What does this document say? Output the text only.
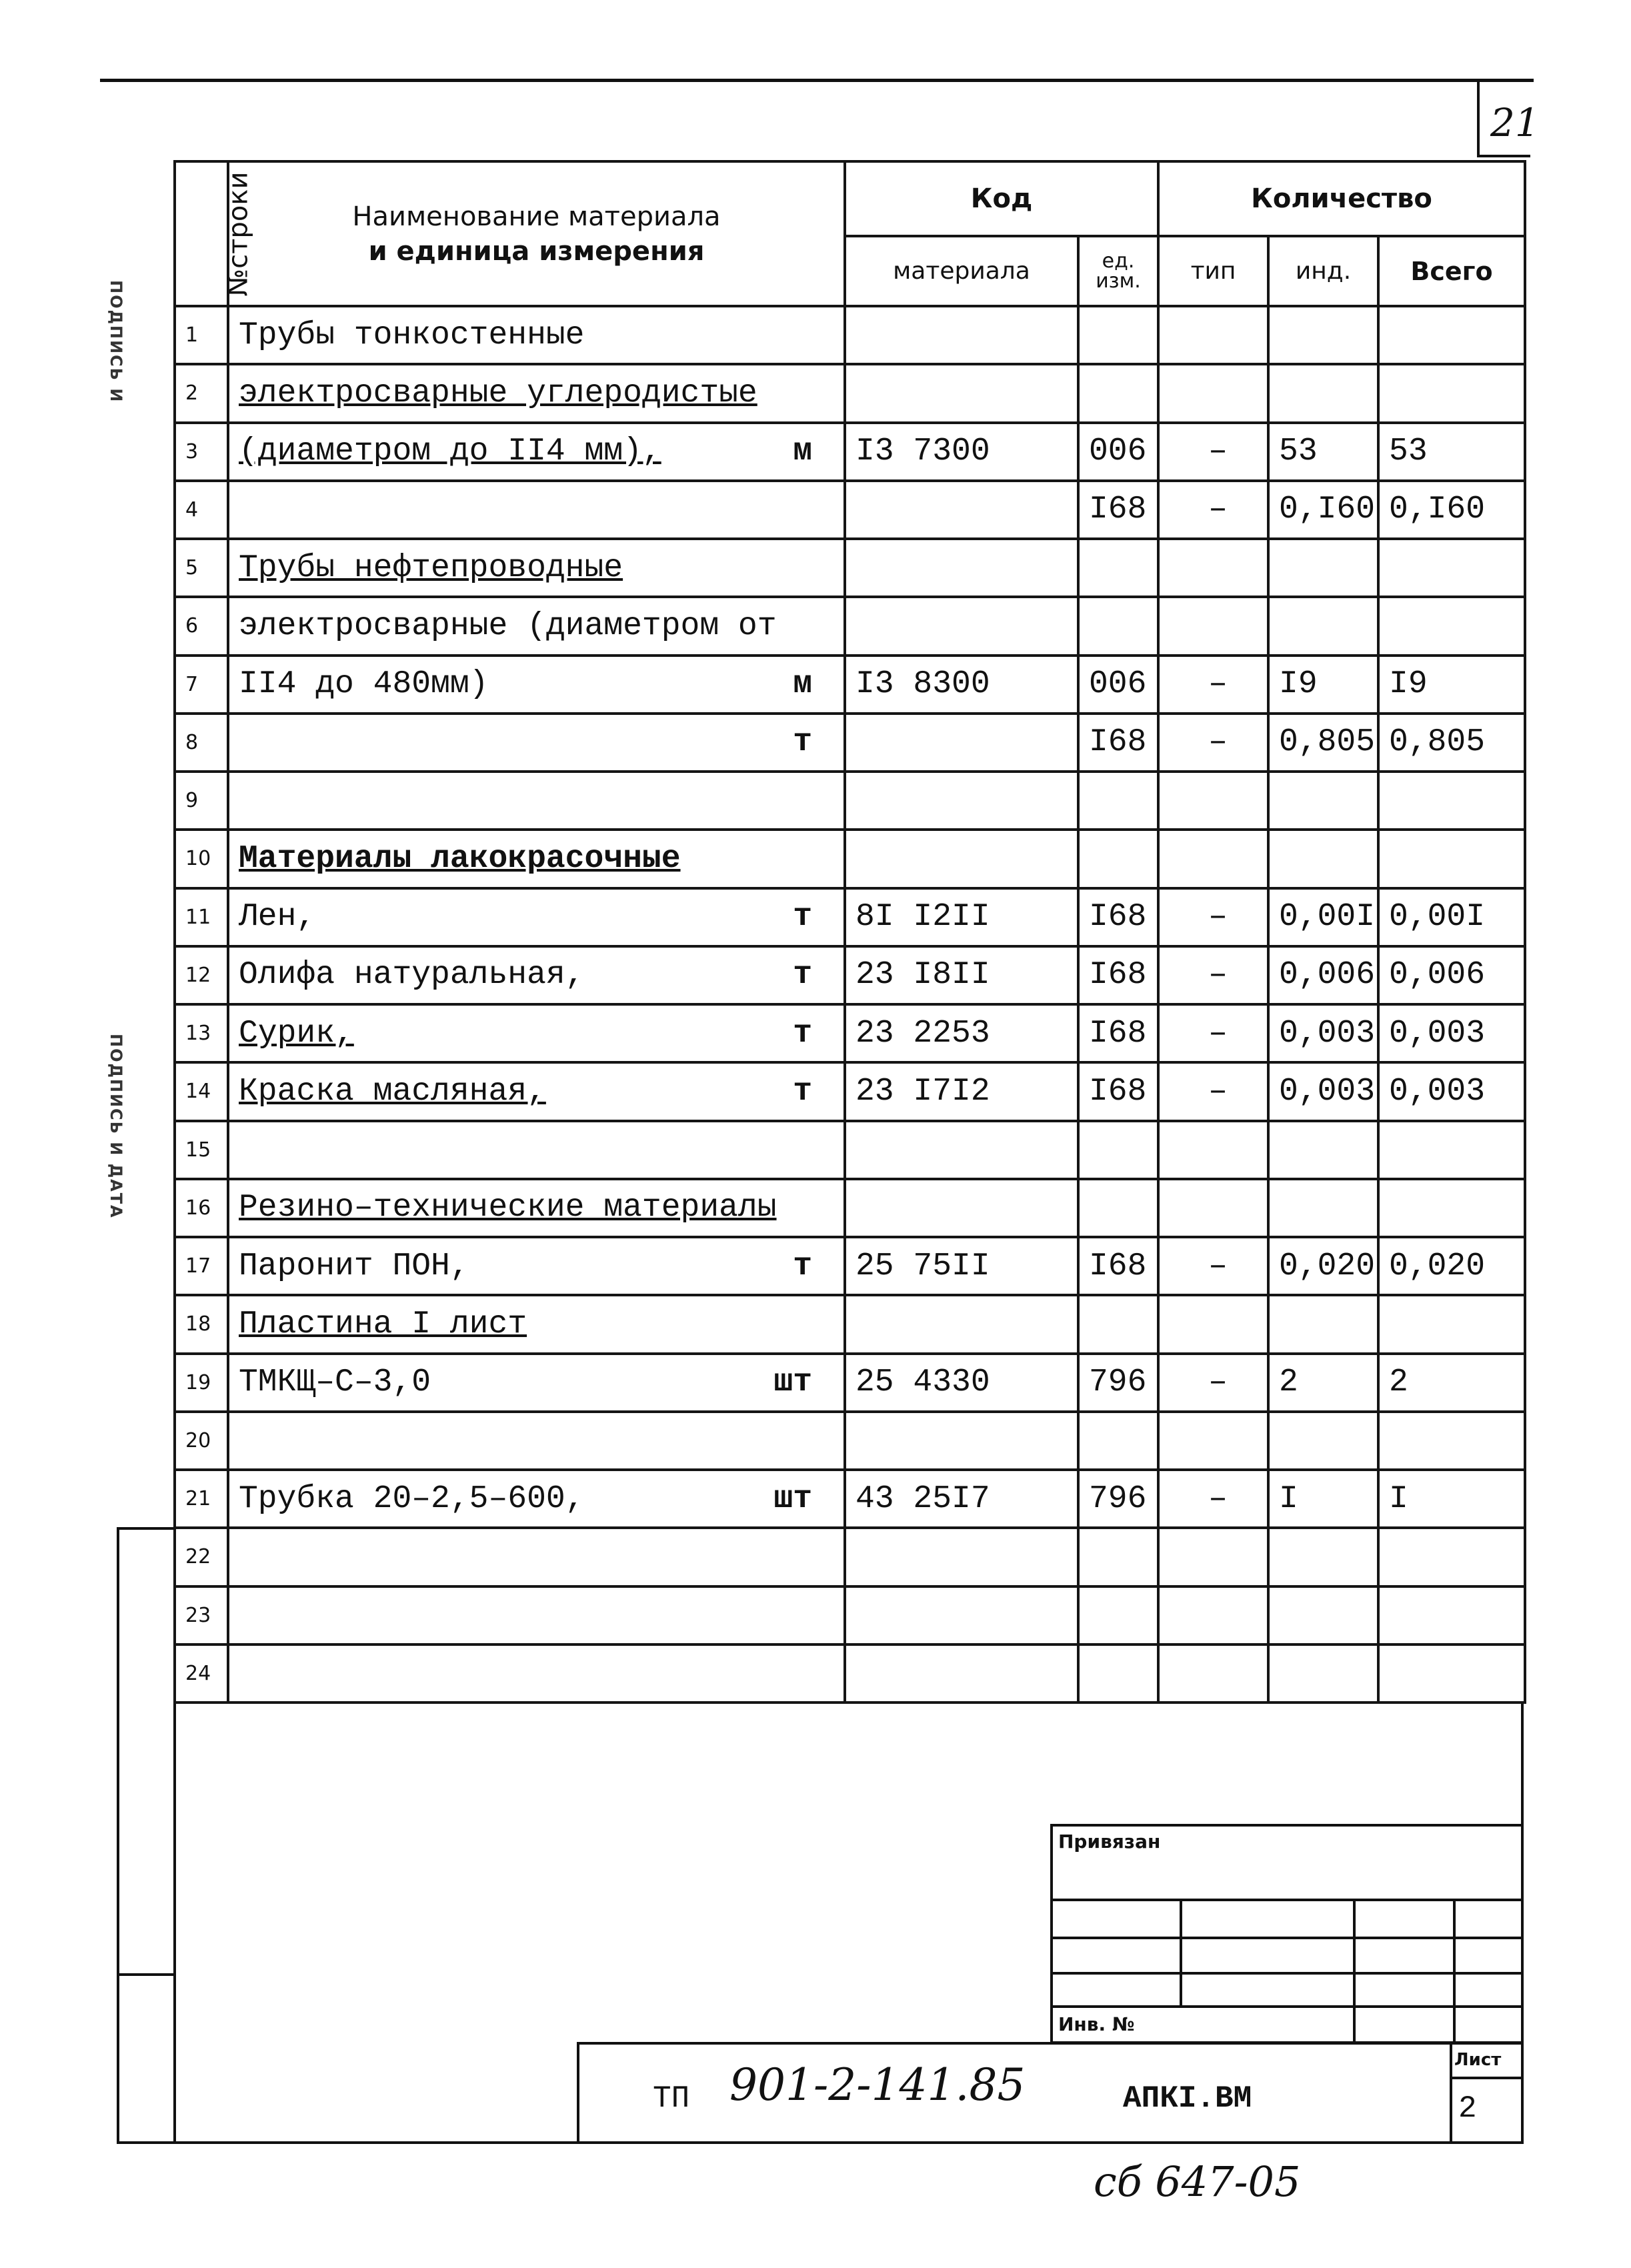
21
ПОДПИСЬ И
ПОДПИСЬ И ДАТА
№строки	Наименование материала
и единица измерения	Код		Количество		
		материала	ед. изм.	тип	инд.	Всего
1	Трубы тонкостенные					
2	электросварные углеродистые					
3	(диаметром до II4 мм), м	I3 7300	006	–	53	53
4			I68	–	0,I60	0,I60
5	Трубы нефтепроводные					
6	электросварные (диаметром от					
7	II4 до 480мм) м	I3 8300	006	–	I9	I9
8	т		I68	–	0,805	0,805
9						
10	Материалы лакокрасочные					
11	Лен, т	8I I2II	I68	–	0,00I	0,00I
12	Олифа натуральная, т	23 I8II	I68	–	0,006	0,006
13	Сурик, т	23 2253	I68	–	0,003	0,003
14	Краска масляная, т	23 I7I2	I68	–	0,003	0,003
15						
16	Резино–технические материалы					
17	Паронит ПОН, т	25 75II	I68	–	0,020	0,020
18	Пластина I лист					
19	ТМКЩ–С–3,0 шт	25 4330	796	–	2	2
20						
21	Трубка 20–2,5–600, шт	43 25I7	796	–	I	I
22						
23						
24						
Привязан
Инв. №
ТП 901-2-141.85	АПКI.ВМ
Лист
2
сб 647-05
